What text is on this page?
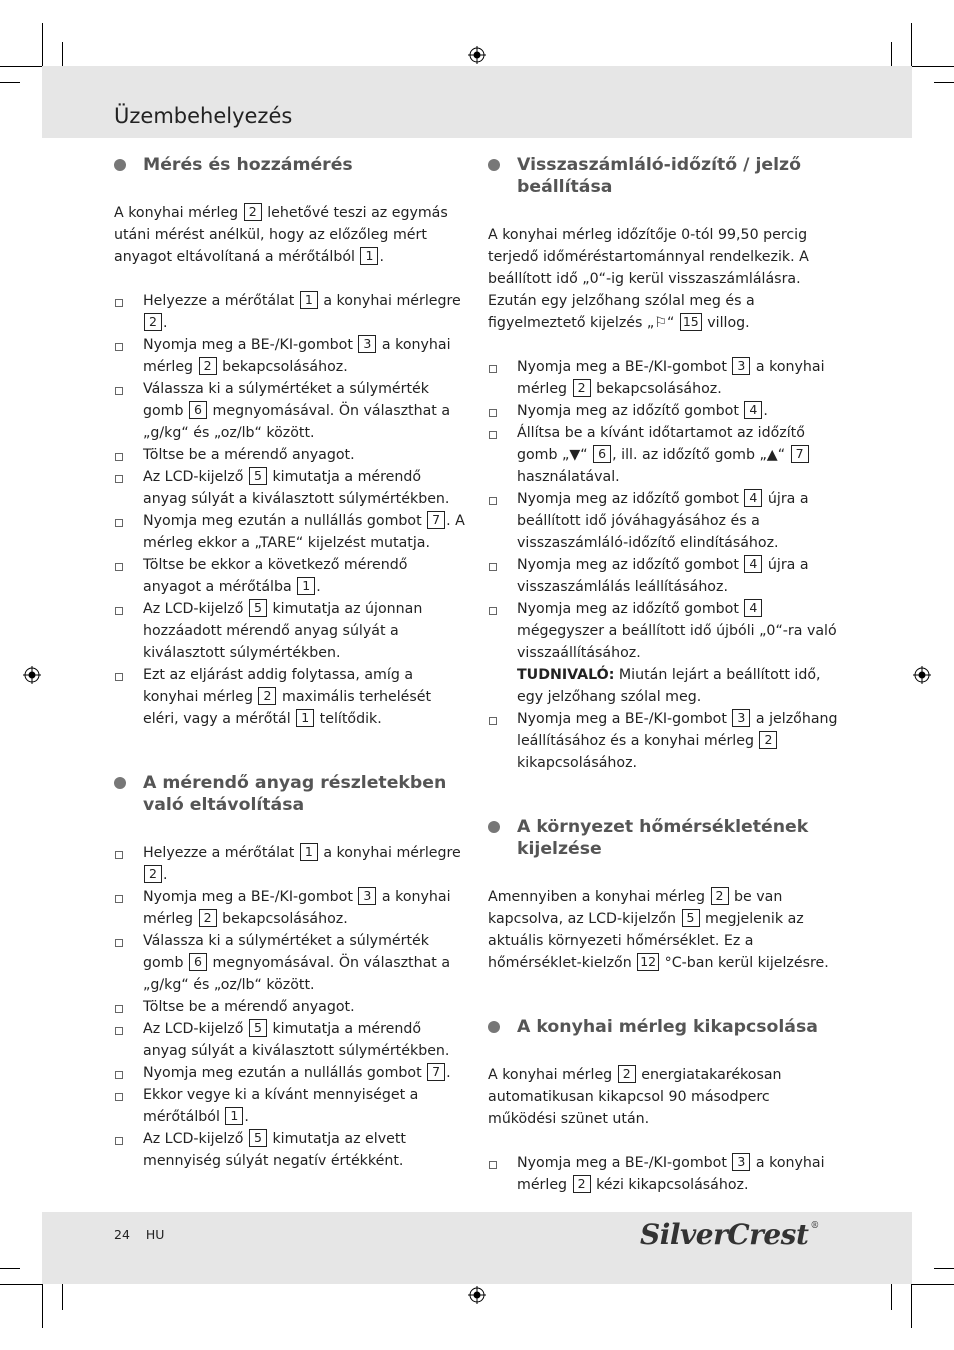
Üzembehelyezés
Mérés és hozzámérés

A konyhai mérleg 2 lehetővé teszi az egymás utáni mérést anélkül, hogy az előzőleg mért anyagot eltávolítaná a mérőtálból 1 .

Helyezze a mérőtálat 1 a konyhai mérlegre 2 .
Nyomja meg a BE-/KI-gombot 3 a konyhai mérleg 2 bekapcsolásához.
Válassza ki a súlymértéket a súlymérték gomb 6 megnyomásával. Ön választhat a „g/kg“ és „oz/lb“ között.
Töltse be a mérendő anyagot.
Az LCD-kijelző 5 kimutatja a mérendő anyag súlyát a kiválasztott súlymértékben.
Nyomja meg ezután a nullállás gombot 7 . A mérleg ekkor a „TARE“ kijelzést mutatja.
Töltse be ekkor a következő mérendő anyagot a mérőtálba 1 .
Az LCD-kijelző 5 kimutatja az újonnan hozzáadott mérendő anyag súlyát a kiválasztott súlymértékben.
Ezt az eljárást addig folytassa, amíg a konyhai mérleg 2 maximális terhelését eléri, vagy a mérőtál 1 telítődik.
A mérendő anyag részletekben való eltávolítása
Helyezze a mérőtálat 1 a konyhai mérlegre 2 .
Nyomja meg a BE-/KI-gombot 3 a konyhai mérleg 2 bekapcsolásához.
Válassza ki a súlymértéket a súlymérték gomb 6 megnyomásával. Ön választhat a „g/kg“ és „oz/lb“ között.
Töltse be a mérendő anyagot.
Az LCD-kijelző 5 kimutatja a mérendő anyag súlyát a kiválasztott súlymértékben.
Nyomja meg ezután a nullállás gombot 7 .
Ekkor vegye ki a kívánt mennyiséget a mérőtálból 1 .
Az LCD-kijelző 5 kimutatja az elvett mennyiség súlyát negatív értékként.
Visszaszámláló-időzítő / jelző beállítása

A konyhai mérleg időzítője 0-tól 99,50 percig terjedő időméréstartománnyal rendelkezik. A beállított idő „0“-ig kerül visszaszámlálásra. Ezután egy jelzőhang szólal meg és a figyelmeztető kijelzés „⚐“ 15 villog.

Nyomja meg a BE-/KI-gombot 3 a konyhai mérleg 2 bekapcsolásához.
Nyomja meg az időzítő gombot 4 .
Állítsa be a kívánt időtartamot az időzítő gomb „▼“ 6 , ill. az időzítő gomb „▲“ 7 használatával.
Nyomja meg az időzítő gombot 4 újra a beállított idő jóváhagyásához és a visszaszámláló-időzítő elindításához.
Nyomja meg az időzítő gombot 4 újra a visszaszámlálás leállításához.
Nyomja meg az időzítő gombot 4 mégegyszer a beállított idő újbóli „0“-ra való visszaállításához.
TUDNIVALÓ: Miután lejárt a beállított idő, egy jelzőhang szólal meg.
Nyomja meg a BE-/KI-gombot 3 a jelzőhang leállításához és a konyhai mérleg 2 kikapcsolásához.
A környezet hőmérsékletének kijelzése

Amennyiben a konyhai mérleg 2 be van kapcsolva, az LCD-kijelzőn 5 megjelenik az aktuális környezeti hőmérséklet. Ez a hőmérséklet-kielzőn 12 °C-ban kerül kijelzésre.

A konyhai mérleg kikapcsolása

A konyhai mérleg 2 energiatakarékosan automatikusan kikapcsol 90 másodperc működési szünet után.

Nyomja meg a BE-/KI-gombot 3 a konyhai mérleg 2 kézi kikapcsolásához.
24 HU	SilverCrest ®
